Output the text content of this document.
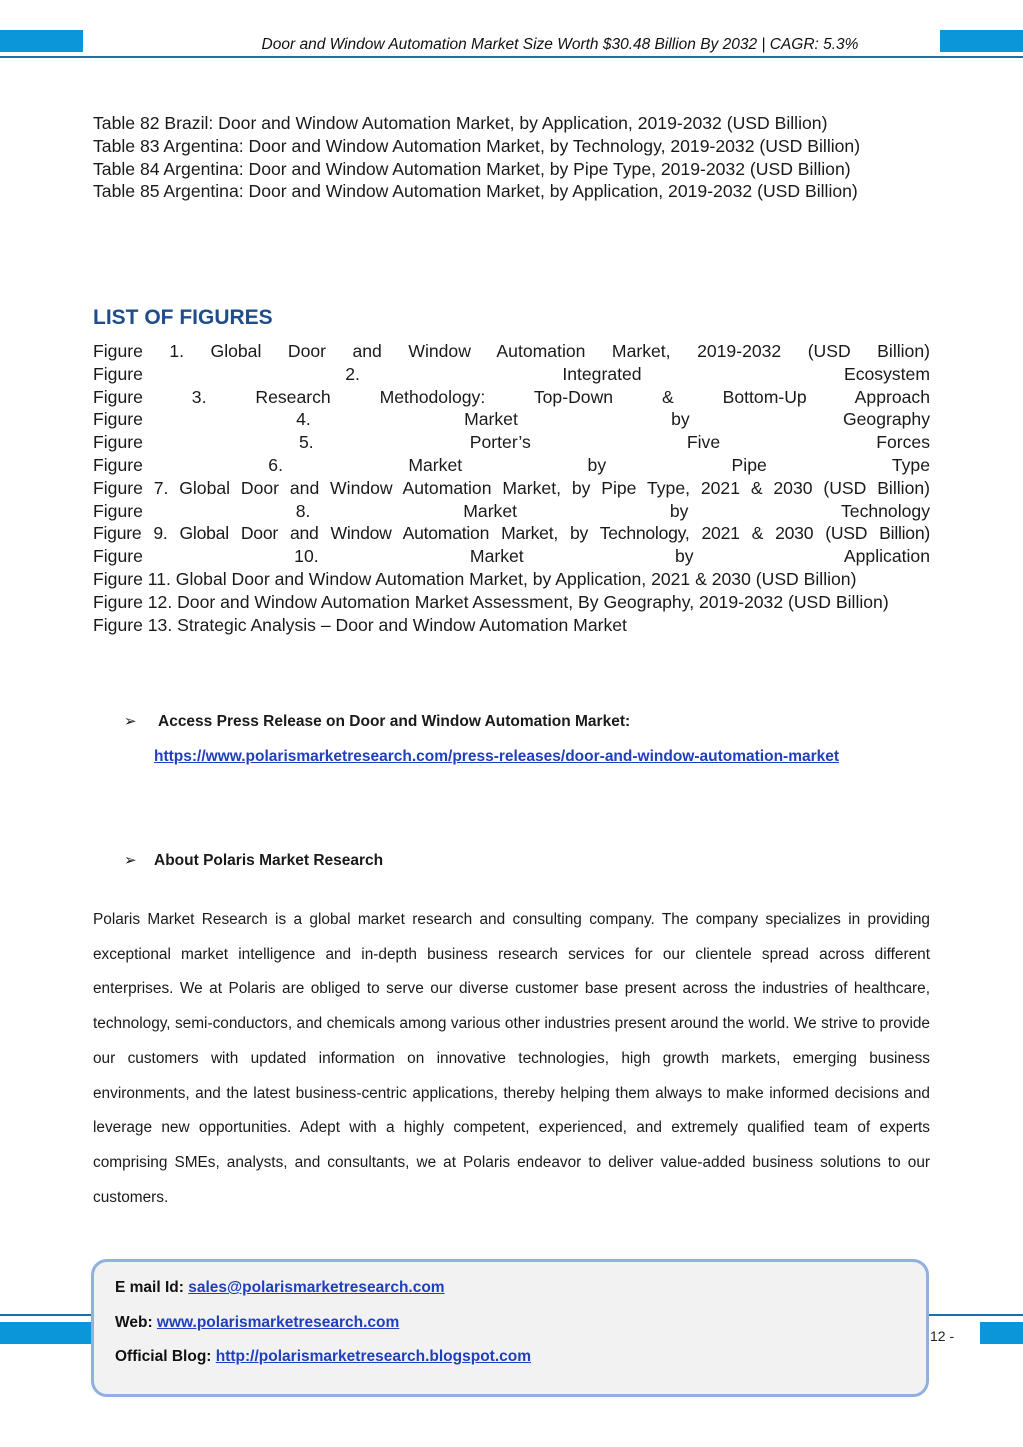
Door and Window Automation Market Size Worth $30.48 Billion By 2032 | CAGR: 5.3%
Table 82 Brazil: Door and Window Automation Market, by Application, 2019-2032 (USD Billion)
Table 83 Argentina: Door and Window Automation Market, by Technology, 2019-2032 (USD Billion)
Table 84 Argentina: Door and Window Automation Market, by Pipe Type, 2019-2032 (USD Billion)
Table 85 Argentina: Door and Window Automation Market, by Application, 2019-2032 (USD Billion)
LIST OF FIGURES
Figure 1. Global Door and Window Automation Market, 2019-2032 (USD Billion)
Figure 2. Integrated Ecosystem
Figure 3. Research Methodology: Top-Down & Bottom-Up Approach
Figure 4. Market by Geography
Figure 5. Porter’s Five Forces
Figure 6. Market by Pipe Type
Figure 7. Global Door and Window Automation Market, by Pipe Type, 2021 & 2030 (USD Billion)
Figure 8. Market by Technology
Figure 9. Global Door and Window Automation Market, by Technology, 2021 & 2030 (USD Billion)
Figure 10. Market by Application
Figure 11. Global Door and Window Automation Market, by Application, 2021 & 2030 (USD Billion)
Figure 12. Door and Window Automation Market Assessment, By Geography, 2019-2032 (USD Billion)
Figure 13. Strategic Analysis – Door and Window Automation Market
➢ Access Press Release on Door and Window Automation Market:
https://www.polarismarketresearch.com/press-releases/door-and-window-automation-market
➢ About Polaris Market Research
Polaris Market Research is a global market research and consulting company. The company specializes in providing exceptional market intelligence and in-depth business research services for our clientele spread across different enterprises. We at Polaris are obliged to serve our diverse customer base present across the industries of healthcare, technology, semi-conductors, and chemicals among various other industries present around the world. We strive to provide our customers with updated information on innovative technologies, high growth markets, emerging business environments, and the latest business-centric applications, thereby helping them always to make informed decisions and leverage new opportunities. Adept with a highly competent, experienced, and extremely qualified team of experts comprising SMEs, analysts, and consultants, we at Polaris endeavor to deliver value-added business solutions to our customers.
12 -
E mail Id: sales@polarismarketresearch.com
Web: www.polarismarketresearch.com
Official Blog: http://polarismarketresearch.blogspot.com
